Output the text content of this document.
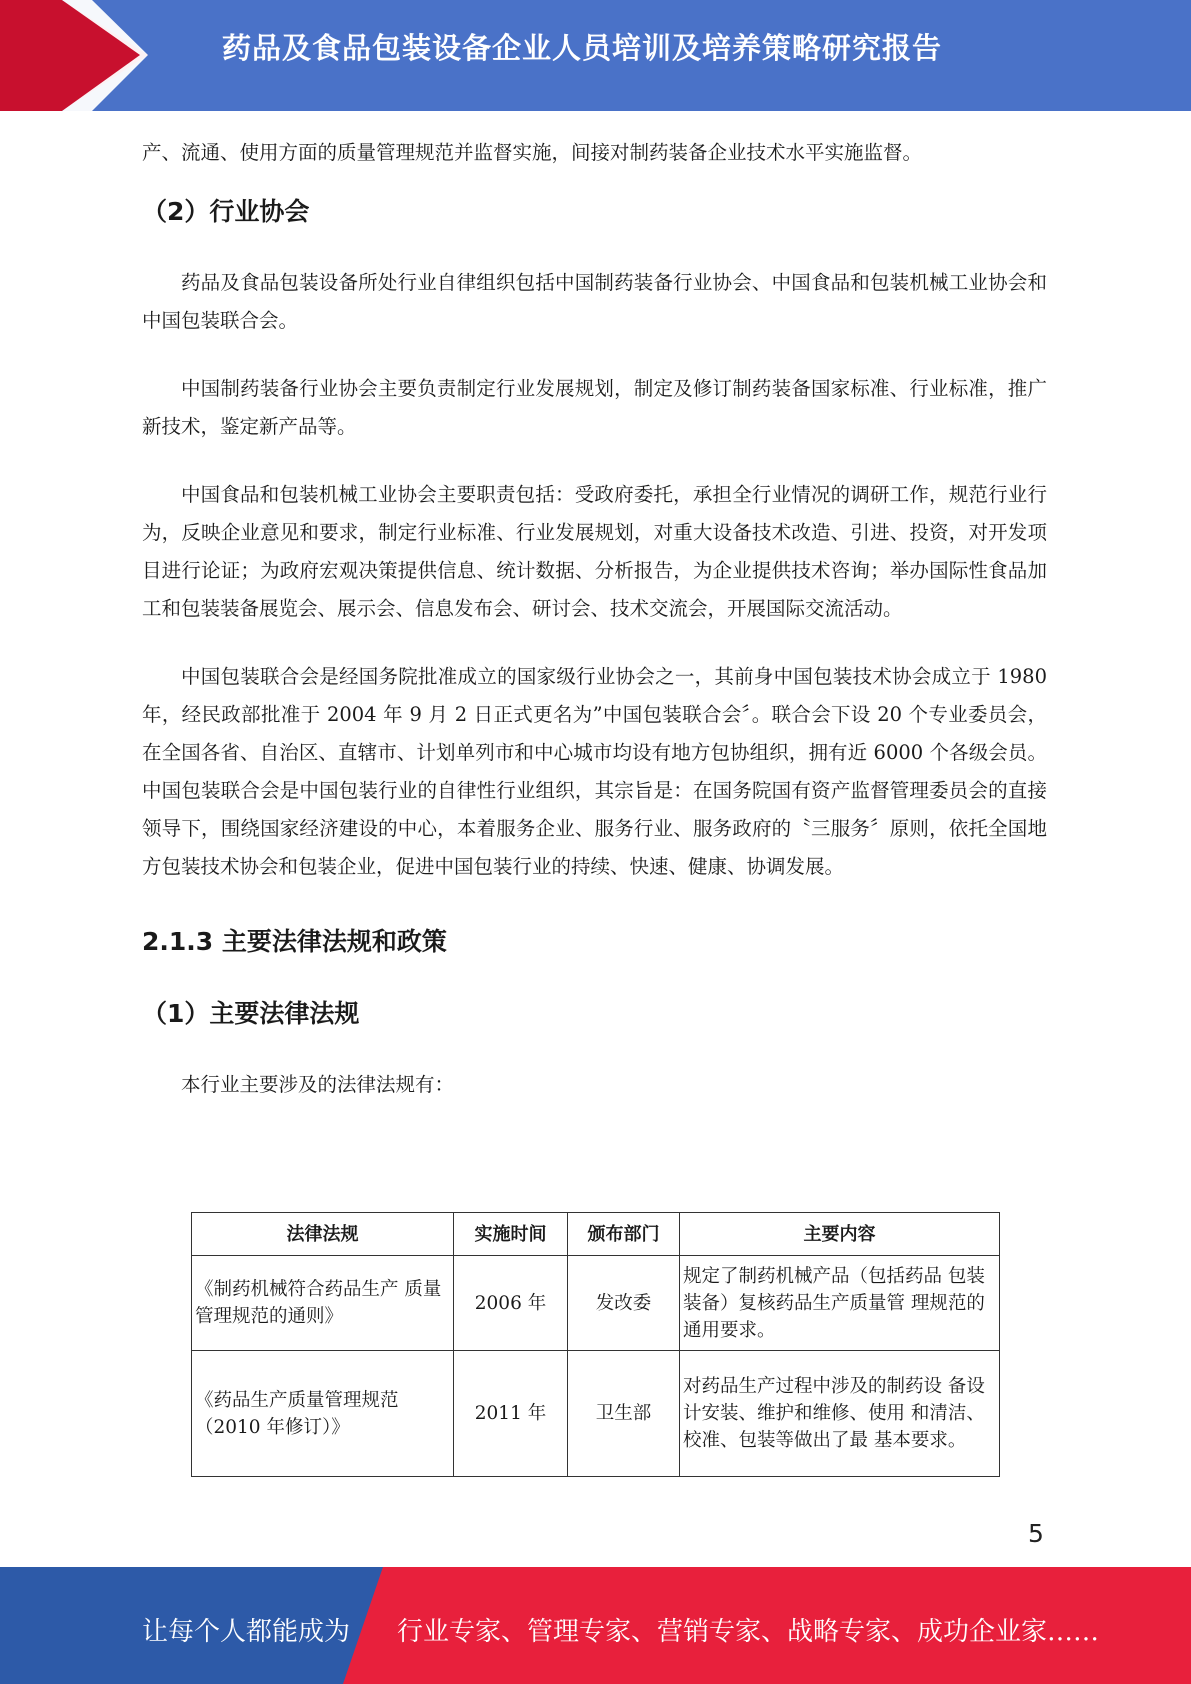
药品及食品包装设备企业人员培训及培养策略研究报告

产、流通、使用方面的质量管理规范并监督实施，间接对制药装备企业技术水平实施监督。

（2）行业协会

药品及食品包装设备所处行业自律组织包括中国制药装备行业协会、中国食品和包装机械工业协会和中国包装联合会。

中国制药装备行业协会主要负责制定行业发展规划，制定及修订制药装备国家标准、行业标准，推广新技术，鉴定新产品等。

中国食品和包装机械工业协会主要职责包括：受政府委托，承担全行业情况的调研工作，规范行业行为，反映企业意见和要求，制定行业标准、行业发展规划，对重大设备技术改造、引进、投资，对开发项目进行论证；为政府宏观决策提供信息、统计数据、分析报告，为企业提供技术咨询；举办国际性食品加工和包装装备展览会、展示会、信息发布会、研讨会、技术交流会，开展国际交流活动。

中国包装联合会是经国务院批准成立的国家级行业协会之一，其前身中国包装技术协会成立于 1980 年，经民政部批准于 2004 年 9 月 2 日正式更名为”中国包装联合会〞。联合会下设 20 个专业委员会，在全国各省、自治区、直辖市、计划单列市和中心城市均设有地方包协组织，拥有近 6000 个各级会员。中国包装联合会是中国包装行业的自律性行业组织，其宗旨是：在国务院国有资产监督管理委员会的直接领导下，围绕国家经济建设的中心，本着服务企业、服务行业、服务政府的〝三服务〞原则，依托全国地方包装技术协会和包装企业，促进中国包装行业的持续、快速、健康、协调发展。

2.1.3 主要法律法规和政策
（1）主要法律法规

本行业主要涉及的法律法规有：

法律法规	实施时间	颁布部门	主要内容
《制药机械符合药品生产 质量管理规范的通则》	2006 年	发改委	规定了制药机械产品（包括药品 包装装备）复核药品生产质量管 理规范的通用要求。
《药品生产质量管理规范（2010 年修订）》	2011 年	卫生部	对药品生产过程中涉及的制药设 备设计安装、维护和维修、使用 和清洁、校准、包装等做出了最 基本要求。
5
让每个人都能成为 行业专家、管理专家、营销专家、战略专家、成功企业家……
